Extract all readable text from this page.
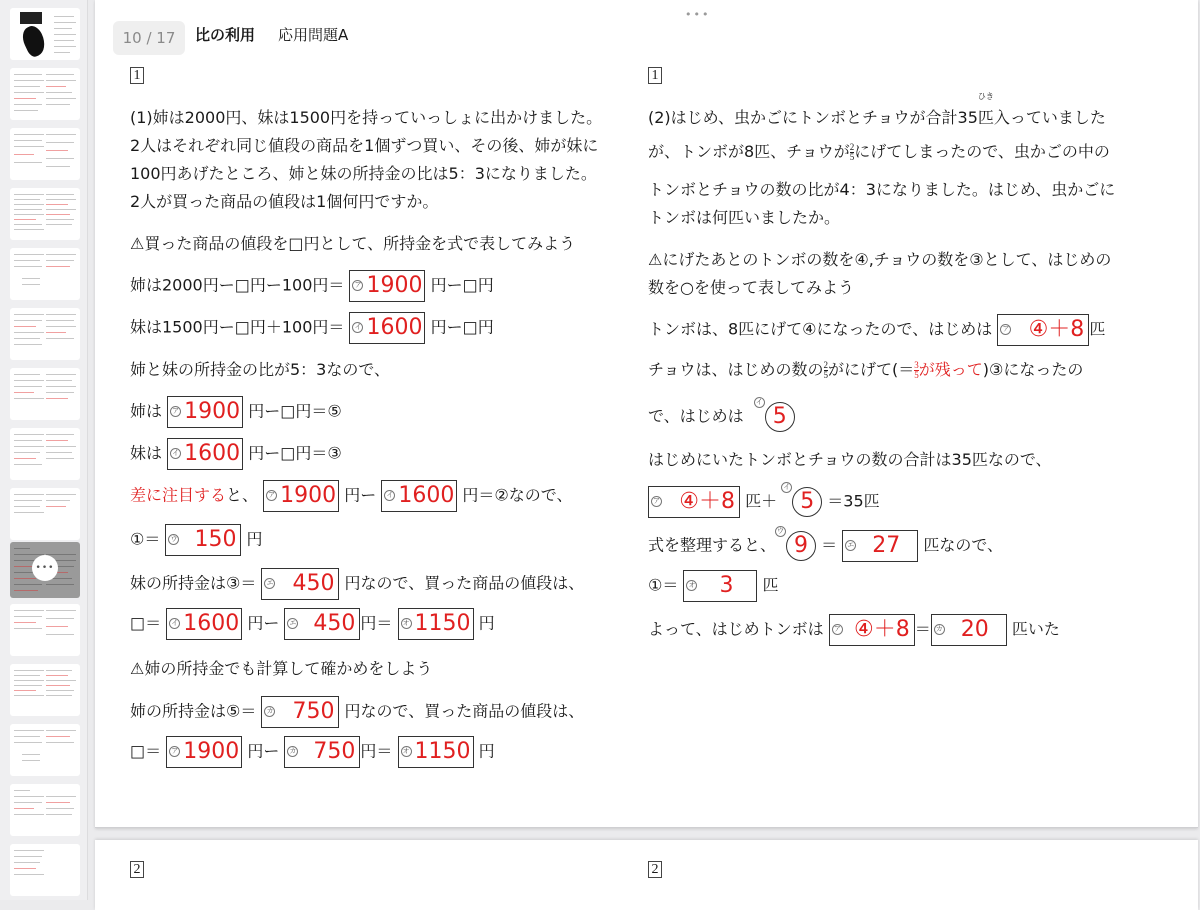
•••
•••
10 / 17	比の利用 応用問題A
1
(1)姉は2000円、妹は1500円を持っていっしょに出かけました。
2人はそれぞれ同じ値段の商品を1個ずつ買い、その後、姉が妹に
100円あげたところ、姉と妹の所持金の比は5：3になりました。
2人が買った商品の値段は1個何円ですか。
⚠買った商品の値段を□円として、所持金を式で表してみよう
姉は2000円ー□円ー100円＝ ア 1900 円ー□円
妹は1500円ー□円＋100円＝ イ 1600 円ー□円
姉と妹の所持金の比が5：3なので、
姉は ア 1900 円ー□円＝⑤
妹は イ 1600 円ー□円＝③
差に注目すると、 ア 1900 円ー イ 1600 円＝②なので、
①＝ ウ 150 円
妹の所持金は③＝ エ 450 円なので、買った商品の値段は、
□＝ イ 1600 円ー エ 450 円＝ オ 1150 円
⚠姉の所持金でも計算して確かめをしよう
姉の所持金は⑤＝ カ 750 円なので、買った商品の値段は、
□＝ ア 1900 円ー カ 750 円＝ オ 1150 円
1
(2)はじめ、虫かごにトンボとチョウが合計35
ひき
匹入っていました
が、トンボが8匹、チョウが $\frac{2}{5}$ にげてしまったので、虫かごの中の
トンボとチョウの数の比が4：3になりました。はじめ、虫かごに
トンボは何匹いましたか。
⚠にげたあとのトンボの数を④,チョウの数を③として、はじめの
数を○を使って表してみよう
トンボは、8匹にげて④になったので、はじめは ア ④＋8 匹
チョウは、はじめの数の $\frac{2}{5}$ がにげて(＝ $\frac{3}{5}$ が残って)③になったの
で、はじめは
イ
5
はじめにいたトンボとチョウの数の合計は35匹なので、
ア ④＋8 匹＋
イ
5 ＝35匹
式を整理すると、
ウ
9 ＝ エ 27 匹なので、
①＝ オ 3 匹
よって、はじめトンボは ア ④＋8 ＝ カ 20 匹いた
2	2
